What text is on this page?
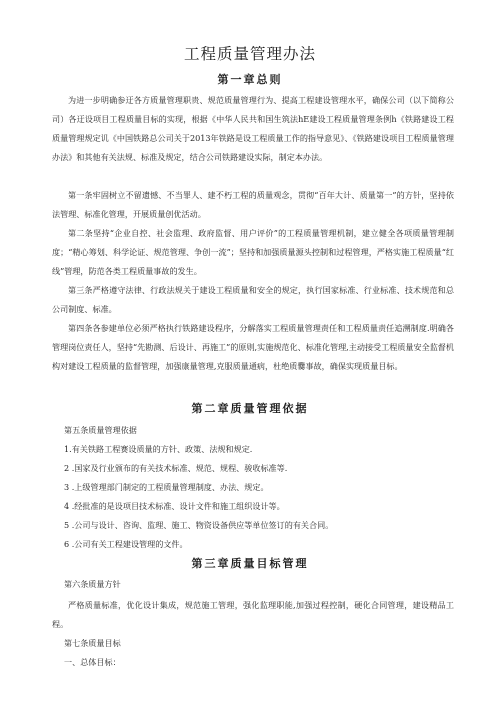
工程质量管理办法
第一章总则

为进一步明确参迂各方质量管理职贵、规范质量管理行为、提高工程建设管理水平，确保公司（以下简称公司）各迂设项目工程质量目标的实现，根据《中华人民共和国生筑法hE建设工程质量管理条例h《铁路建设工程质量管理规定讥《中国铁路总公司关于2013年铁路是设工程质量工作的指导意见》、《铁路建设项目工程质量管理办法》和其他有关法规、标准及规定，结合公司铁路建设实际，制定本办法。

第一条牢固树立不留遗憾、不当罪人、建不朽工程的质量观念，贯彻“百年大计、质量第一”的方针，坚持依法管理、标准化管理，开展质量创优活动。

第二条坚持“企业自控、社会监理、政府监督、用户评价”的工程质量管理机制，建立健全各项质量管理制度；“精心筹划、科学论证、规范管理、争创一流”；坚持和加强质量源头控制和过程管理，严格实施工程质量“红线”管理，防范各类工程质量事故的发生。

第三条严格遵守法律、行政法规关于建设工程质量和安全的规定，执行国家标准、行业标准、技术规范和总公司制度、标准。

第四条各参建单位必须严格执行铁路建设程序，分解落实工程质量管理责任和工程质量责任追溯制度.明确各管理岗位责任人，坚持“先勘测、后设计、再施工”的原则,实施规范化、标准化管理,主动接受工程质量安全监督机构对建设工程质量的监督管理，加强康量管理,克服质量通病，杜绝质爨事故，确保实现质量目标。

第二章质量管理依据
第五条质量管理依据
1.有关铁路工程赛设质量的方针、政策、法规和规定.
2 .国家及行业颁布的有关技术标准、规范、规程、骏收标准等.
3 .上级管理部门制定的工程质量管理制度、办法、规定。
4 .经批准的是设项目技术标准、设计文件和施工组织设计等。
5 .公司与设计、咨询、监理、施工、物资设备供应等单位签订的有关合同。
6 .公司有关工程建设管理的文件。
第三章质量目标管理
第六条质量方针

严格质量标准，优化设计集成，规范施工管理，强化监理职能,加强过程控制，硬化合同管理，建设精品工程。

第七条质量目标
一、总体目标：
